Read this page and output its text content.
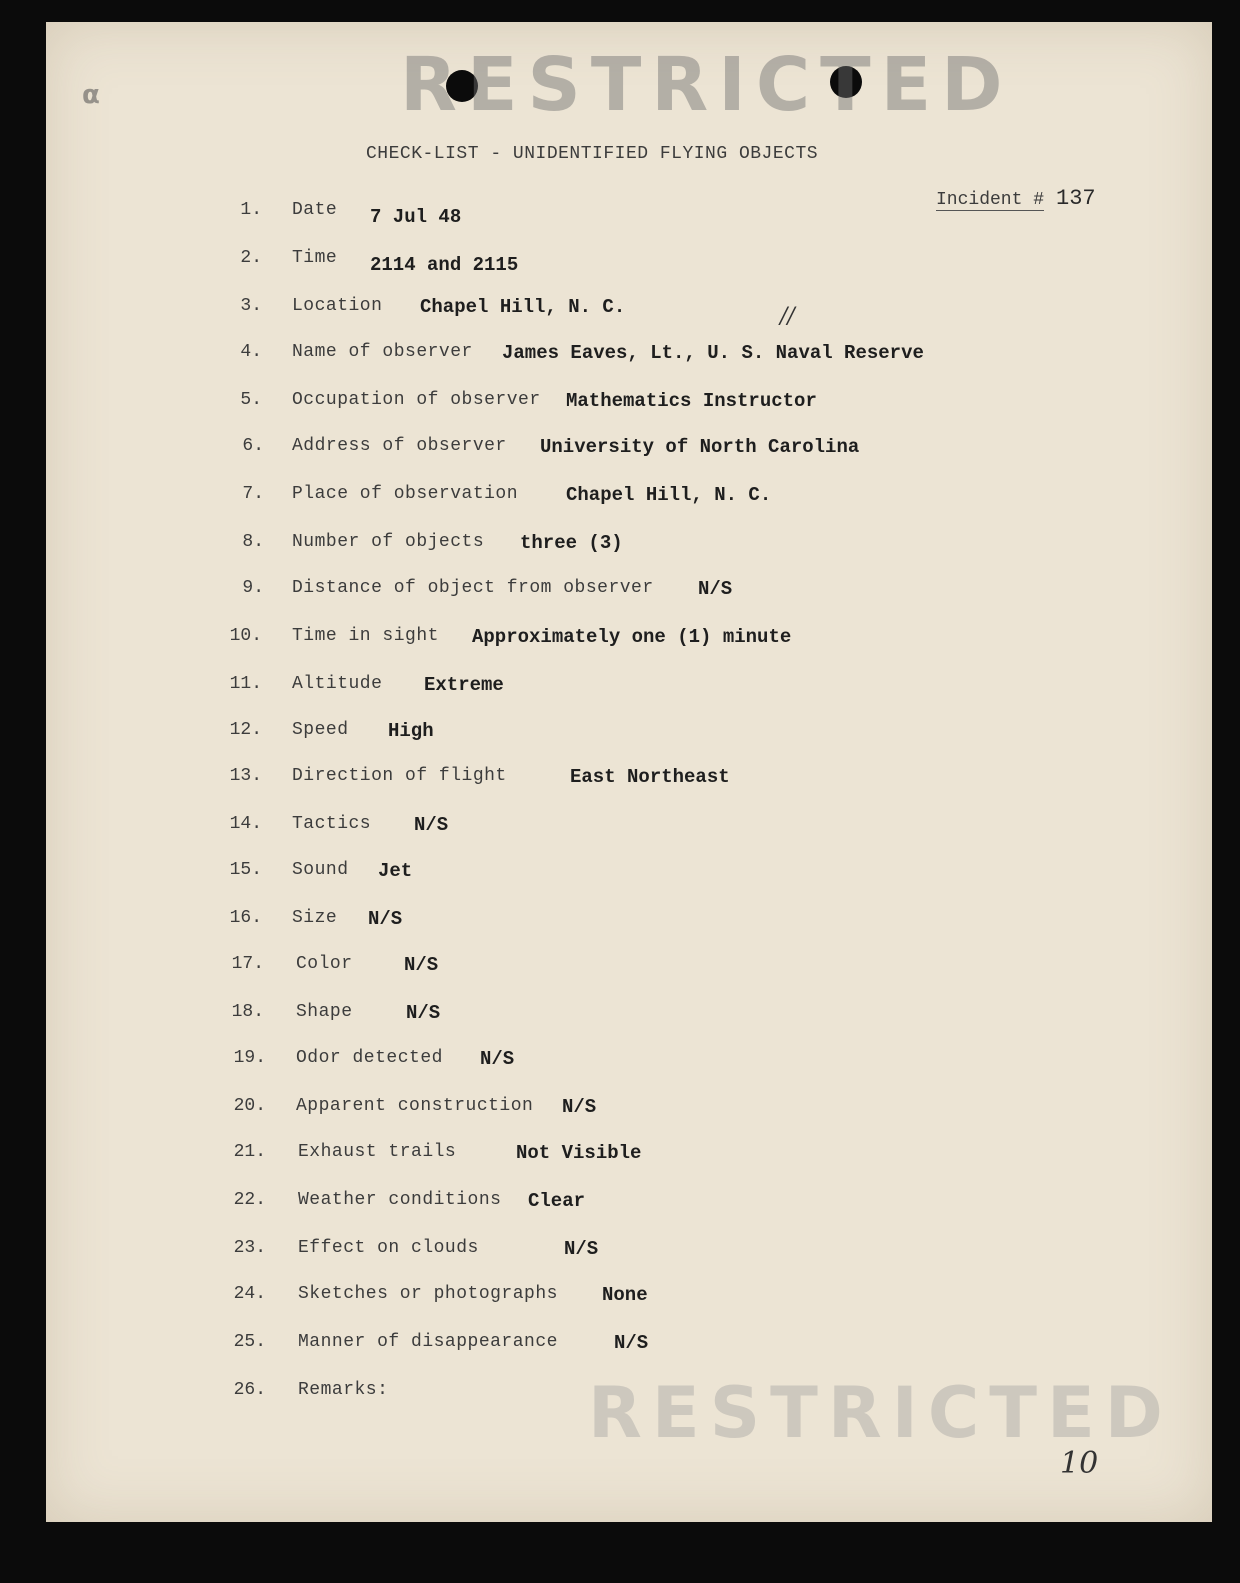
RESTRICTED
RESTRICTED
α
CHECK-LIST - UNIDENTIFIED FLYING OBJECTS
Incident # 137
//
10
1. Date 7 Jul 48
2. Time 2114 and 2115
3. Location Chapel Hill, N. C.
4. Name of observer James Eaves, Lt., U. S. Naval Reserve
5. Occupation of observer Mathematics Instructor
6. Address of observer University of North Carolina
7. Place of observation	Chapel Hill, N. C.
8. Number of objects three (3)
9. Distance of object from observer N/S
10. Time in sight Approximately one (1) minute
11. Altitude Extreme
12. Speed High
13. Direction of flight	East Northeast
14. Tactics N/S
15. Sound Jet
16. Size N/S
17. Color	N/S
18. Shape	N/S
19. Odor detected N/S
20. Apparent construction N/S
21. Exhaust trails	Not Visible
22. Weather conditions Clear
23. Effect on clouds	N/S
24. Sketches or photographs None
25. Manner of disappearance	N/S
26. Remarks:
